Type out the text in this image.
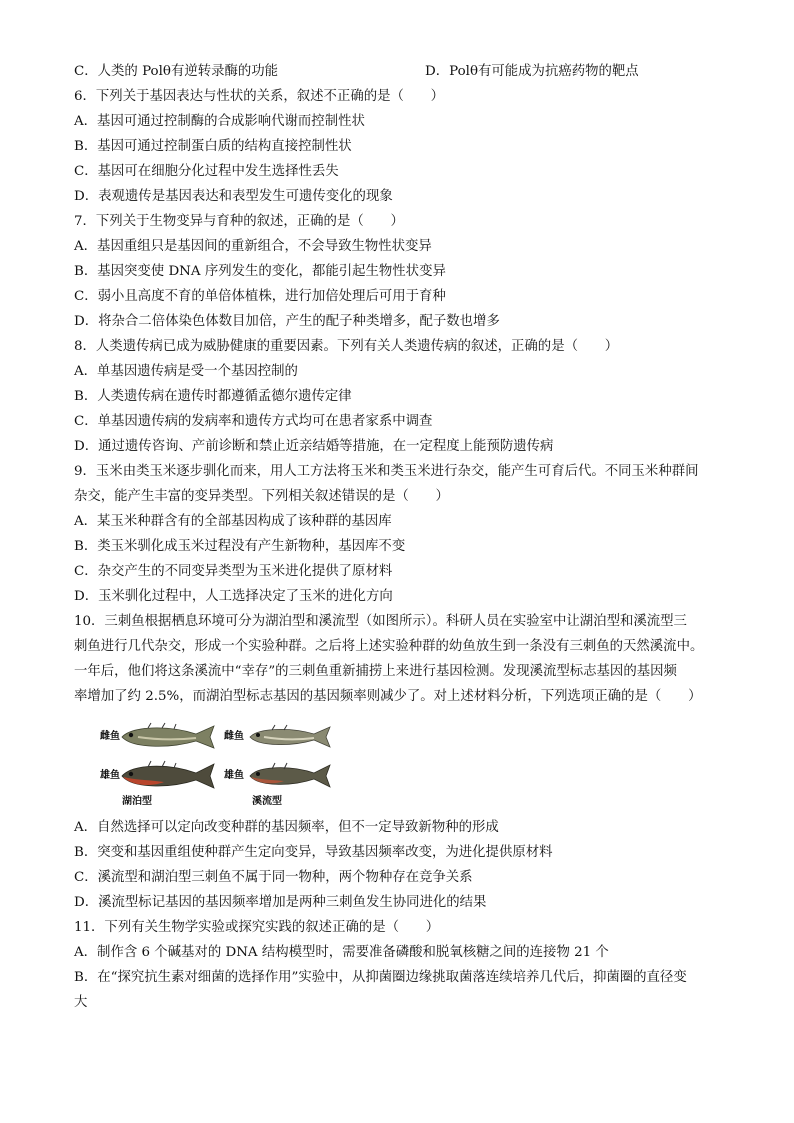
C．人类的 Polθ有逆转录酶的功能	D．Polθ有可能成为抗癌药物的靶点
6．下列关于基因表达与性状的关系，叙述不正确的是（　　）
A．基因可通过控制酶的合成影响代谢而控制性状
B．基因可通过控制蛋白质的结构直接控制性状
C．基因可在细胞分化过程中发生选择性丢失
D．表观遗传是基因表达和表型发生可遗传变化的现象
7．下列关于生物变异与育种的叙述，正确的是（　　）
A．基因重组只是基因间的重新组合，不会导致生物性状变异
B．基因突变使 DNA 序列发生的变化，都能引起生物性状变异
C．弱小且高度不育的单倍体植株，进行加倍处理后可用于育种
D．将杂合二倍体染色体数目加倍，产生的配子种类增多，配子数也增多
8．人类遗传病已成为威胁健康的重要因素。下列有关人类遗传病的叙述，正确的是（　　）
A．单基因遗传病是受一个基因控制的
B．人类遗传病在遗传时都遵循孟德尔遗传定律
C．单基因遗传病的发病率和遗传方式均可在患者家系中调查
D．通过遗传咨询、产前诊断和禁止近亲结婚等措施，在一定程度上能预防遗传病
9．玉米由类玉米逐步驯化而来，用人工方法将玉米和类玉米进行杂交，能产生可育后代。不同玉米种群间
杂交，能产生丰富的变异类型。下列相关叙述错误的是（　　）
A．某玉米种群含有的全部基因构成了该种群的基因库
B．类玉米驯化成玉米过程没有产生新物种，基因库不变
C．杂交产生的不同变异类型为玉米进化提供了原材料
D．玉米驯化过程中，人工选择决定了玉米的进化方向
10．三刺鱼根据栖息环境可分为湖泊型和溪流型（如图所示）。科研人员在实验室中让湖泊型和溪流型三
刺鱼进行几代杂交，形成一个实验种群。之后将上述实验种群的幼鱼放生到一条没有三刺鱼的天然溪流中。
一年后，他们将这条溪流中“幸存”的三刺鱼重新捕捞上来进行基因检测。发现溪流型标志基因的基因频
率增加了约 2.5%，而湖泊型标志基因的基因频率则减少了。对上述材料分析，下列选项正确的是（　　）
雌鱼
雄鱼
湖泊型
雌鱼
雄鱼
溪流型
A．自然选择可以定向改变种群的基因频率，但不一定导致新物种的形成
B．突变和基因重组使种群产生定向变异，导致基因频率改变，为进化提供原材料
C．溪流型和湖泊型三刺鱼不属于同一物种，两个物种存在竞争关系
D．溪流型标记基因的基因频率增加是两种三刺鱼发生协同进化的结果
11．下列有关生物学实验或探究实践的叙述正确的是（　　）
A．制作含 6 个碱基对的 DNA 结构模型时，需要准备磷酸和脱氧核糖之间的连接物 21 个
B．在“探究抗生素对细菌的选择作用”实验中，从抑菌圈边缘挑取菌落连续培养几代后，抑菌圈的直径变
大
